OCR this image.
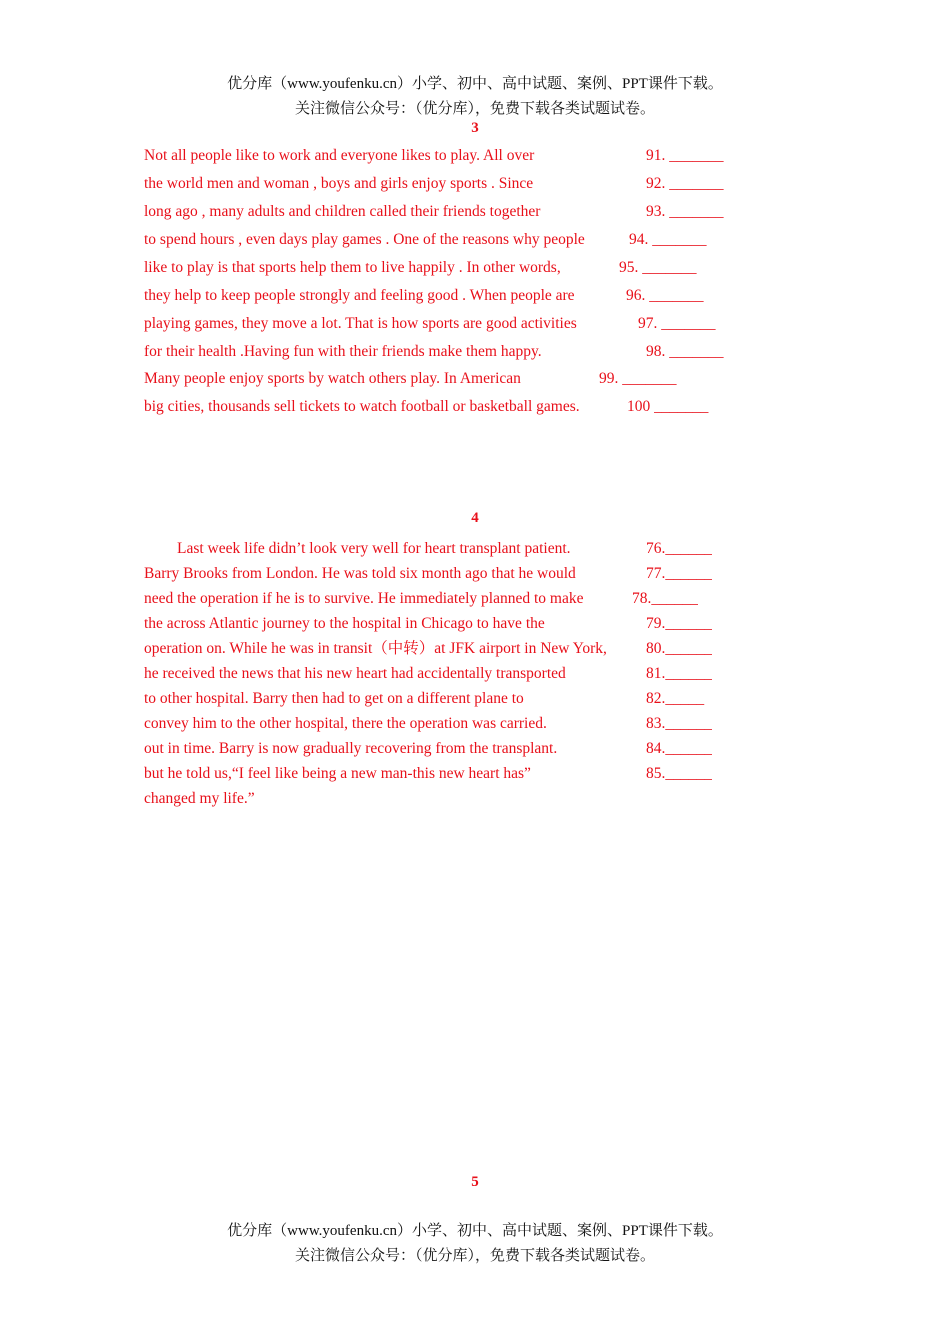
优分库（www.youfenku.cn）小学、初中、高中试题、案例、PPT课件下载。
关注微信公众号：（优分库），免费下载各类试题试卷。
3
Not all people like to work and everyone likes to play. All over
the world men and woman , boys and girls enjoy sports . Since
long ago , many adults and children called their friends together
to spend hours , even days play games . One of the reasons why people
like to play is that sports help them to live happily . In other words,
they help to keep people strongly and feeling good . When people are
playing games, they move a lot. That is how sports are good activities
for their health .Having fun with their friends make them happy.
Many people enjoy sports by watch others play. In American
big cities, thousands sell tickets to watch football or basketball games.
91. _______
92. _______
93. _______
94. _______
95. _______
96. _______
97. _______
98. _______
99. _______
100 _______
4
Last week life didn’t look very well for heart transplant patient.
Barry Brooks from London. He was told six month ago that he would
need the operation if he is to survive. He immediately planned to make
the across Atlantic journey to the hospital in Chicago to have the
operation on. While he was in transit（中转）at JFK airport in New York,
he received the news that his new heart had accidentally transported
to other hospital. Barry then had to get on a different plane to
convey him to the other hospital, there the operation was carried.
out in time. Barry is now gradually recovering from the transplant.
but he told us,“I feel like being a new man-this new heart has”
changed my life.”
76.______
77.______
78.______
79.______
80.______
81.______
82._____
83.______
84.______
85.______
5
优分库（www.youfenku.cn）小学、初中、高中试题、案例、PPT课件下载。
关注微信公众号：（优分库），免费下载各类试题试卷。
